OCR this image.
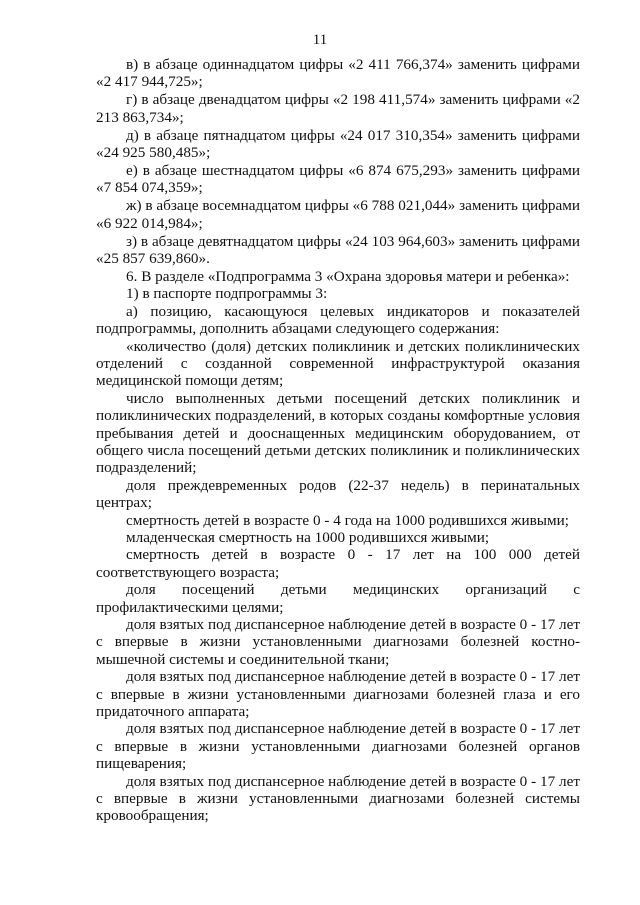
11

в) в абзаце одиннадцатом цифры «2 411 766,374» заменить цифрами «2 417 944,725»;

г) в абзаце двенадцатом цифры «2 198 411,574» заменить цифрами «2 213 863,734»;

д) в абзаце пятнадцатом цифры «24 017 310,354» заменить цифрами «24 925 580,485»;

е) в абзаце шестнадцатом цифры «6 874 675,293» заменить цифрами «7 854 074,359»;

ж) в абзаце восемнадцатом цифры «6 788 021,044» заменить цифрами «6 922 014,984»;

з) в абзаце девятнадцатом цифры «24 103 964,603» заменить цифрами «25 857 639,860».

6. В разделе «Подпрограмма 3 «Охрана здоровья матери и ребенка»:

1) в паспорте подпрограммы 3:

а) позицию, касающуюся целевых индикаторов и показателей подпрограммы, дополнить абзацами следующего содержания:

«количество (доля) детских поликлиник и детских поликлинических отделений с созданной современной инфраструктурой оказания медицинской помощи детям;

число выполненных детьми посещений детских поликлиник и поликлинических подразделений, в которых созданы комфортные условия пребывания детей и дооснащенных медицинским оборудованием, от общего числа посещений детьми детских поликлиник и поликлинических подразделений;

доля преждевременных родов (22-37 недель) в перинатальных центрах;

смертность детей в возрасте 0 - 4 года на 1000 родившихся живыми;

младенческая смертность на 1000 родившихся живыми;

смертность детей в возрасте 0 - 17 лет на 100 000 детей соответствующего возраста;

доля посещений детьми медицинских организаций с профилактическими целями;

доля взятых под диспансерное наблюдение детей в возрасте 0 - 17 лет с впервые в жизни установленными диагнозами болезней костно-мышечной системы и соединительной ткани;

доля взятых под диспансерное наблюдение детей в возрасте 0 - 17 лет с впервые в жизни установленными диагнозами болезней глаза и его придаточного аппарата;

доля взятых под диспансерное наблюдение детей в возрасте 0 - 17 лет с впервые в жизни установленными диагнозами болезней органов пищеварения;

доля взятых под диспансерное наблюдение детей в возрасте 0 - 17 лет с впервые в жизни установленными диагнозами болезней системы кровообращения;
